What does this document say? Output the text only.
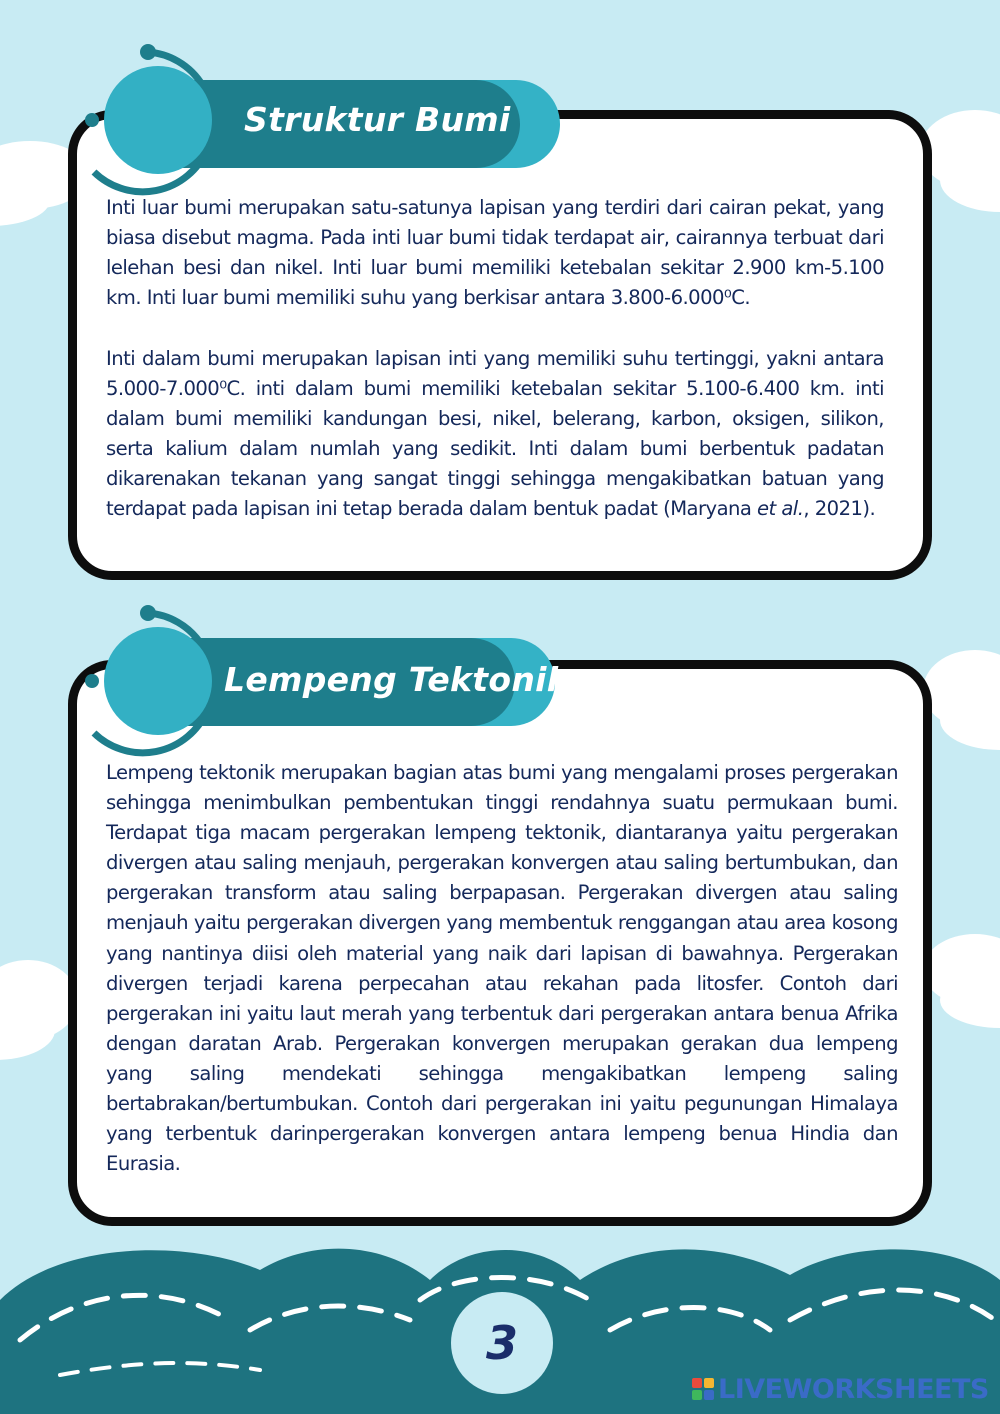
Struktur Bumi

Inti luar bumi merupakan satu-satunya lapisan yang terdiri dari cairan pekat, yang biasa disebut magma. Pada inti luar bumi tidak terdapat air, cairannya terbuat dari lelehan besi dan nikel. Inti luar bumi memiliki ketebalan sekitar 2.900 km-5.100 km. Inti luar bumi memiliki suhu yang berkisar antara 3.800-6.000⁰C.

Inti dalam bumi merupakan lapisan inti yang memiliki suhu tertinggi, yakni antara 5.000-7.000⁰C. inti dalam bumi memiliki ketebalan sekitar 5.100-6.400 km. inti dalam bumi memiliki kandungan besi, nikel, belerang, karbon, oksigen, silikon, serta kalium dalam numlah yang sedikit. Inti dalam bumi berbentuk padatan dikarenakan tekanan yang sangat tinggi sehingga mengakibatkan batuan yang terdapat pada lapisan ini tetap berada dalam bentuk padat (Maryana et al., 2021).

Lempeng Tektonik

Lempeng tektonik merupakan bagian atas bumi yang mengalami proses pergerakan sehingga menimbulkan pembentukan tinggi rendahnya suatu permukaan bumi. Terdapat tiga macam pergerakan lempeng tektonik, diantaranya yaitu pergerakan divergen atau saling menjauh, pergerakan konvergen atau saling bertumbukan, dan pergerakan transform atau saling berpapasan. Pergerakan divergen atau saling menjauh yaitu pergerakan divergen yang membentuk renggangan atau area kosong yang nantinya diisi oleh material yang naik dari lapisan di bawahnya. Pergerakan divergen terjadi karena perpecahan atau rekahan pada litosfer. Contoh dari pergerakan ini yaitu laut merah yang terbentuk dari pergerakan antara benua Afrika dengan daratan Arab. Pergerakan konvergen merupakan gerakan dua lempeng yang saling mendekati sehingga mengakibatkan lempeng saling bertabrakan/bertumbukan. Contoh dari pergerakan ini yaitu pegunungan Himalaya yang terbentuk darinpergerakan konvergen antara lempeng benua Hindia dan Eurasia.

3
LIVEWORKSHEETS
